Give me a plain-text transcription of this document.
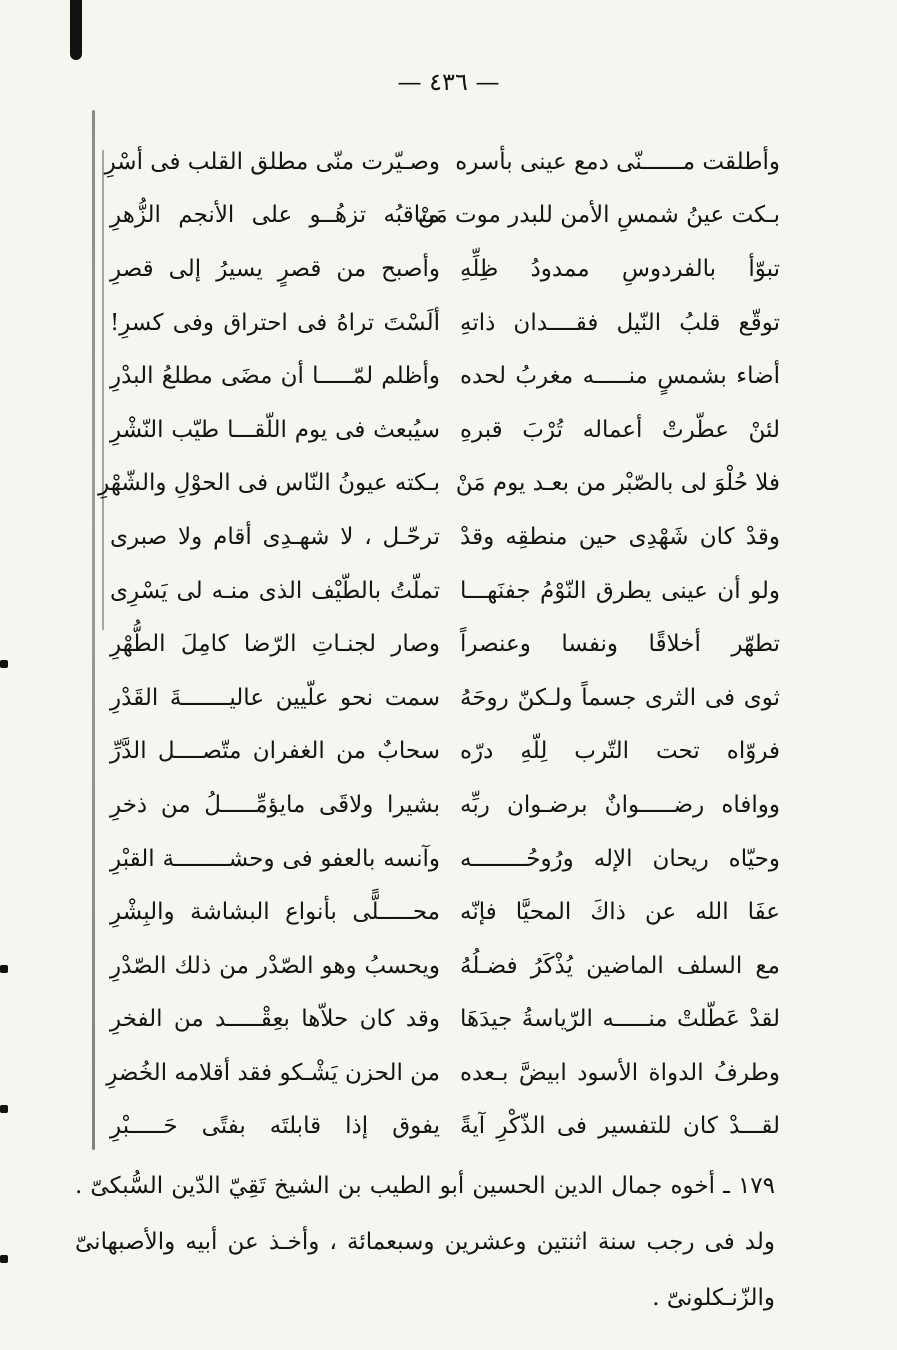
— ٤٣٦ —
وأطلقت مــــــنّى دمع عينى بأسره
وصـيّرت منّى مطلق القلب فى أسْرِ
بـكت عينُ شمسِ الأمن للبدر موت مَنْ
مناقبُه تزهُــو على الأنجم الزُّهرِ
تبوّأ بالفردوسِ ممدودُ ظِلِّهِ
وأصبح من قصرٍ يسيرُ إلى قصرِ
توقّع قلبُ النّيل فقــــدان ذاتهِ
ألَسْتَ تراهُ فى احتراق وفى كسرِ!
أضاء بشمسٍ منـــــه مغربُ لحده
وأظلم لمّـــــا أن مضَى مطلعُ البدْرِ
لئنْ عطّرتْ أعماله تُرْبَ قبرهِ
سيُبعث فى يوم اللّقـــا طيّب النّشْرِ
فلا حُلْوَ لى بالصّبْر من بعـد يوم مَنْ
بـكته عيونُ النّاس فى الحوْلِ والشّهْرِ
وقدْ كان شَهْدِى حين منطقِه وقدْ
ترحّـل ، لا شهـدِى أقام ولا صبرى
ولو أن عينى يطرق النّوْمُ جفنَهـــا
تملّتُ بالطّيْف الذى منـه لى يَسْرِى
تطهّر أخلاقًا ونفسا وعنصراً
وصار لجنـاتِ الرّضا كامِلَ الطُّهْرِ
ثوى فى الثرى جسماً ولـكنّ روحَهُ
سمت نحو علّيين عاليـــــــةَ القَدْرِ
فروّاه تحت التّرب لِلّهِ درّه
سحابٌ من الغفران متّصــــل الدَّرِّ
ووافاه رضـــــوانٌ برضـوان ربِّه
بشيرا ولاقَى مايؤمِّـــــلُ من ذخرِ
وحيّاه ريحان الإله ورُوحُــــــــه
وآنسه بالعفو فى وحشــــــــة القبْرِ
عفَا الله عن ذاكَ المحيَّا فإنّه
محـــــلًّى بأنواع البشاشة والبِشْرِ
مع السلف الماضين يُذْكَرُ فضـلُهُ
ويحسبُ وهو الصّدْر من ذلك الصّدْرِ
لقدْ عَطّلتْ منـــــه الرّياسةُ جيدَهَا
وقد كان حلاّها بعِقْـــــد من الفخرِ
وطرفُ الدواة الأسود ابيضَّ بـعده
من الحزن يَشْـكو فقد أقلامه الخُضرِ
لقـــدْ كان للتفسير فى الذّكْرِ آيةً
يفوق إذا قابلتَه بفتًى حَـــــبْرِ
١٧٩ ـ أخوه جمال الدين الحسين أبو الطيب بن الشيخ تَقِيّ الدّين السُّبكىّ . ولد فى رجب سنة اثنتين وعشرين وسبعمائة ، وأخـذ عن أبيه والأصبهانىّ والزّنـكلونىّ .
